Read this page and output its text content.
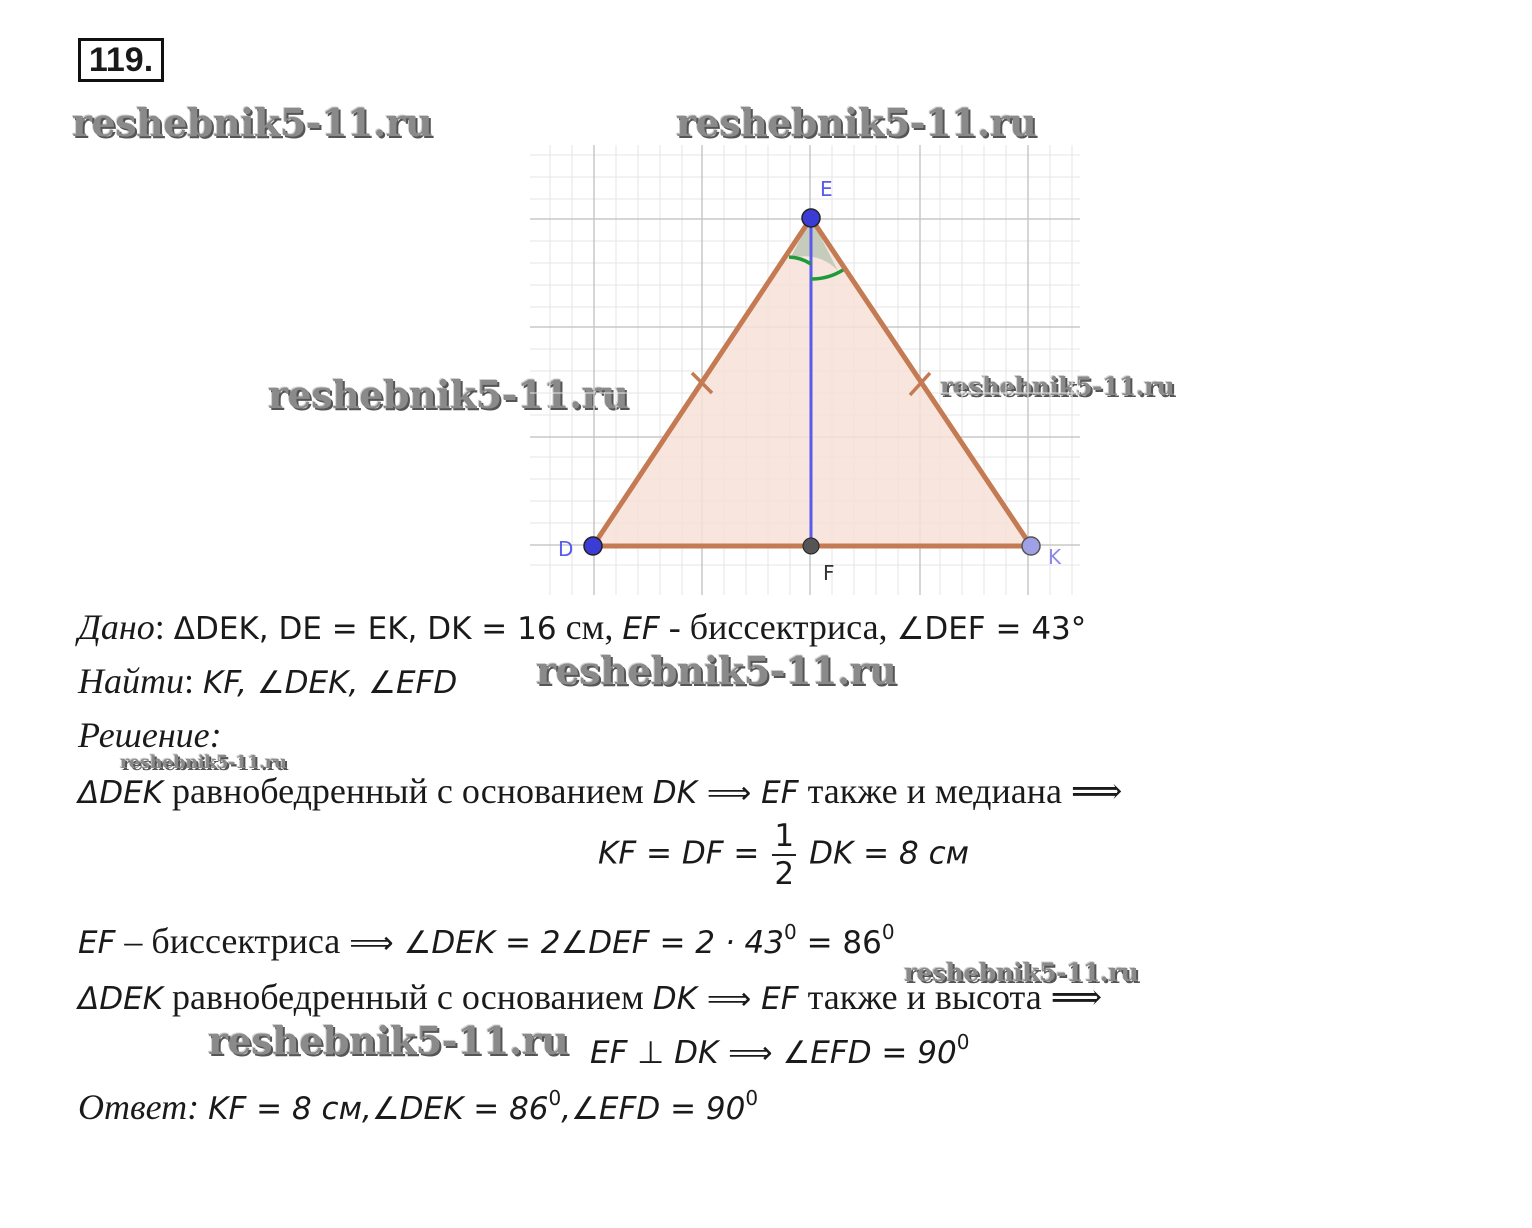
119.
reshebnik5-11.ru	reshebnik5-11.ru
reshebnik5-11.ru	reshebnik5-11.ru
reshebnik5-11.ru
reshebnik5-11.ru
reshebnik5-11.ru
reshebnik5-11.ru
E
D	K
F
Дано: ΔDEK, DE = EK, DK = 16 см, EF - биссектриса, ∠DEF = 43°
Найти: KF, ∠DEK, ∠EFD
Решение:
ΔDEK равнобедренный с основанием DK ⟹ EF также и медиана ⟹
KF = DF = $\frac{1}{2}$ DK = 8 см
EF – биссектриса ⟹ ∠DEK = 2∠DEF = $2 \cdot 43^0 = 86^0$
ΔDEK равнобедренный с основанием DK ⟹ EF также и высота ⟹
EF ⊥ DK ⟹ ∠EFD = $90^0$
Ответ: KF = 8 см,∠DEK = $86^0,\angle EFD = 90^0$
